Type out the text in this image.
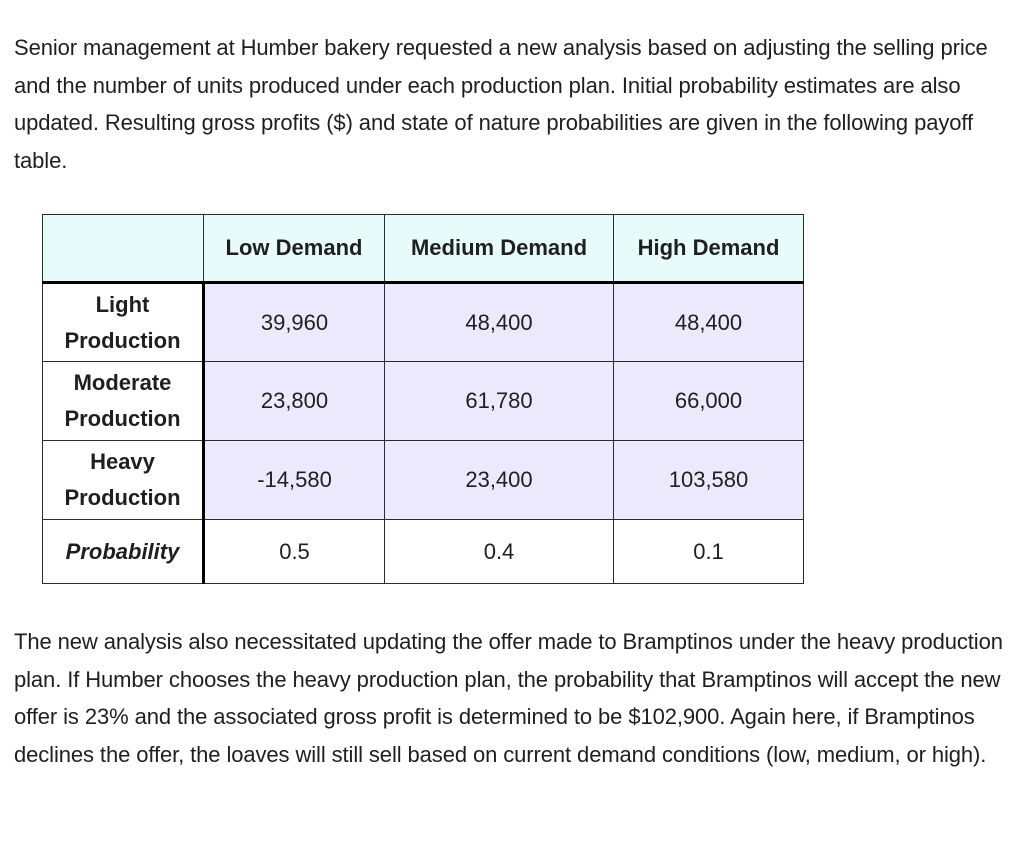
Senior management at Humber bakery requested a new analysis based on adjusting the selling price and the number of units produced under each production plan. Initial probability estimates are also updated. Resulting gross profits ($) and state of nature probabilities are given in the following payoff table.

	Low Demand	Medium Demand	High Demand
Light
Production	39,960	48,400	48,400
Moderate
Production	23,800	61,780	66,000
Heavy
Production	-14,580	23,400	103,580
Probability	0.5	0.4	0.1

The new analysis also necessitated updating the offer made to Bramptinos under the heavy production plan. If Humber chooses the heavy production plan, the probability that Bramptinos will accept the new offer is 23% and the associated gross profit is determined to be $102,900. Again here, if Bramptinos declines the offer, the loaves will still sell based on current demand conditions (low, medium, or high).
